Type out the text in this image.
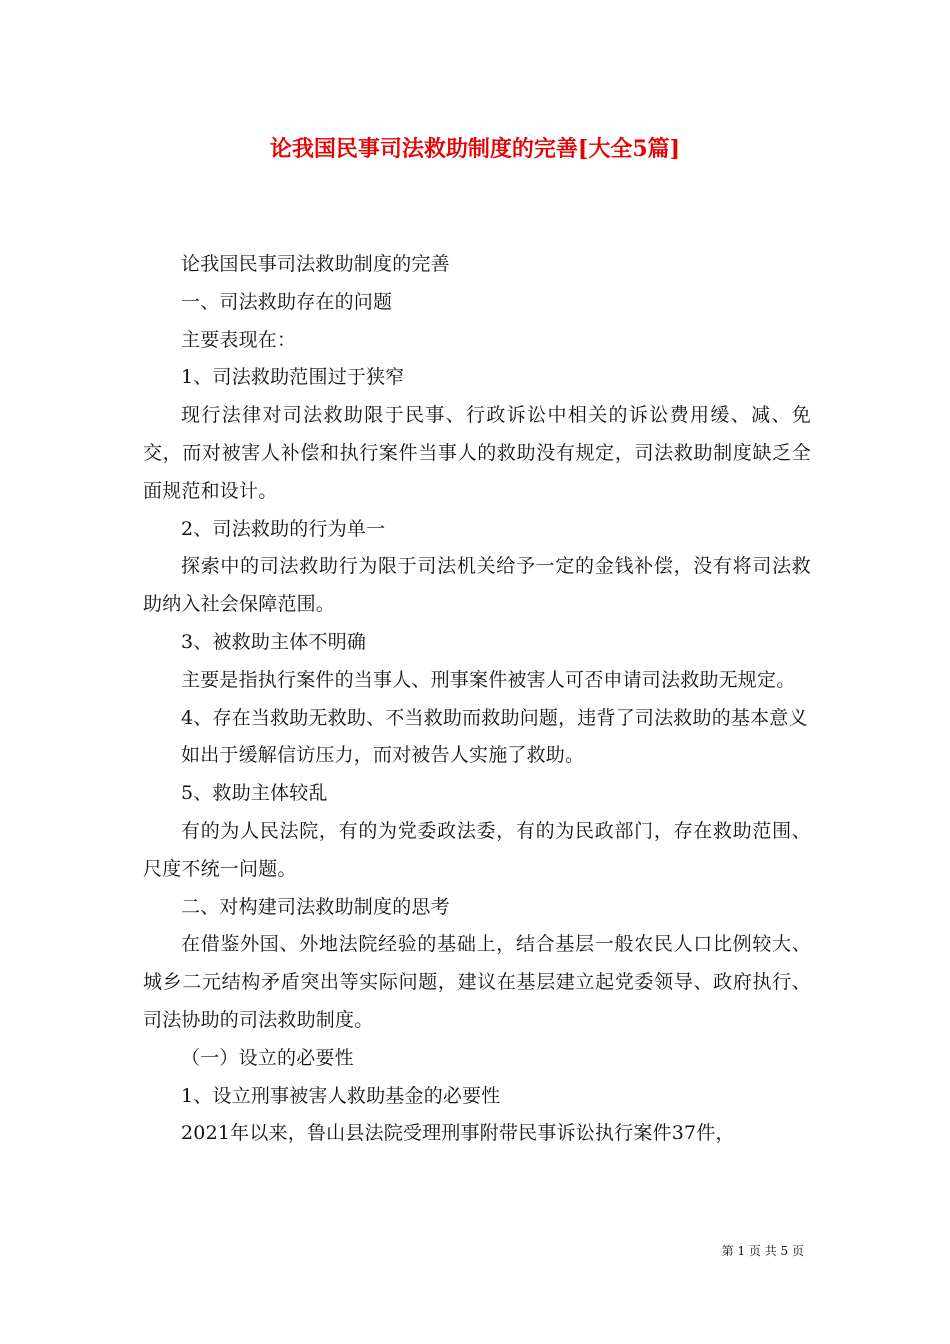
论我国民事司法救助制度的完善[大全5篇]

论我国民事司法救助制度的完善

一、司法救助存在的问题

主要表现在：

1、司法救助范围过于狭窄

现行法律对司法救助限于民事、行政诉讼中相关的诉讼费用缓、减、免交，而对被害人补偿和执行案件当事人的救助没有规定，司法救助制度缺乏全面规范和设计。

2、司法救助的行为单一

探索中的司法救助行为限于司法机关给予一定的金钱补偿，没有将司法救助纳入社会保障范围。

3、被救助主体不明确

主要是指执行案件的当事人、刑事案件被害人可否申请司法救助无规定。

4、存在当救助无救助、不当救助而救助问题，违背了司法救助的基本意义

如出于缓解信访压力，而对被告人实施了救助。

5、救助主体较乱

有的为人民法院，有的为党委政法委，有的为民政部门，存在救助范围、尺度不统一问题。

二、对构建司法救助制度的思考

在借鉴外国、外地法院经验的基础上，结合基层一般农民人口比例较大、城乡二元结构矛盾突出等实际问题，建议在基层建立起党委领导、政府执行、司法协助的司法救助制度。

（一）设立的必要性

1、设立刑事被害人救助基金的必要性

2021年以来，鲁山县法院受理刑事附带民事诉讼执行案件37件，

第 1 页 共 5 页
